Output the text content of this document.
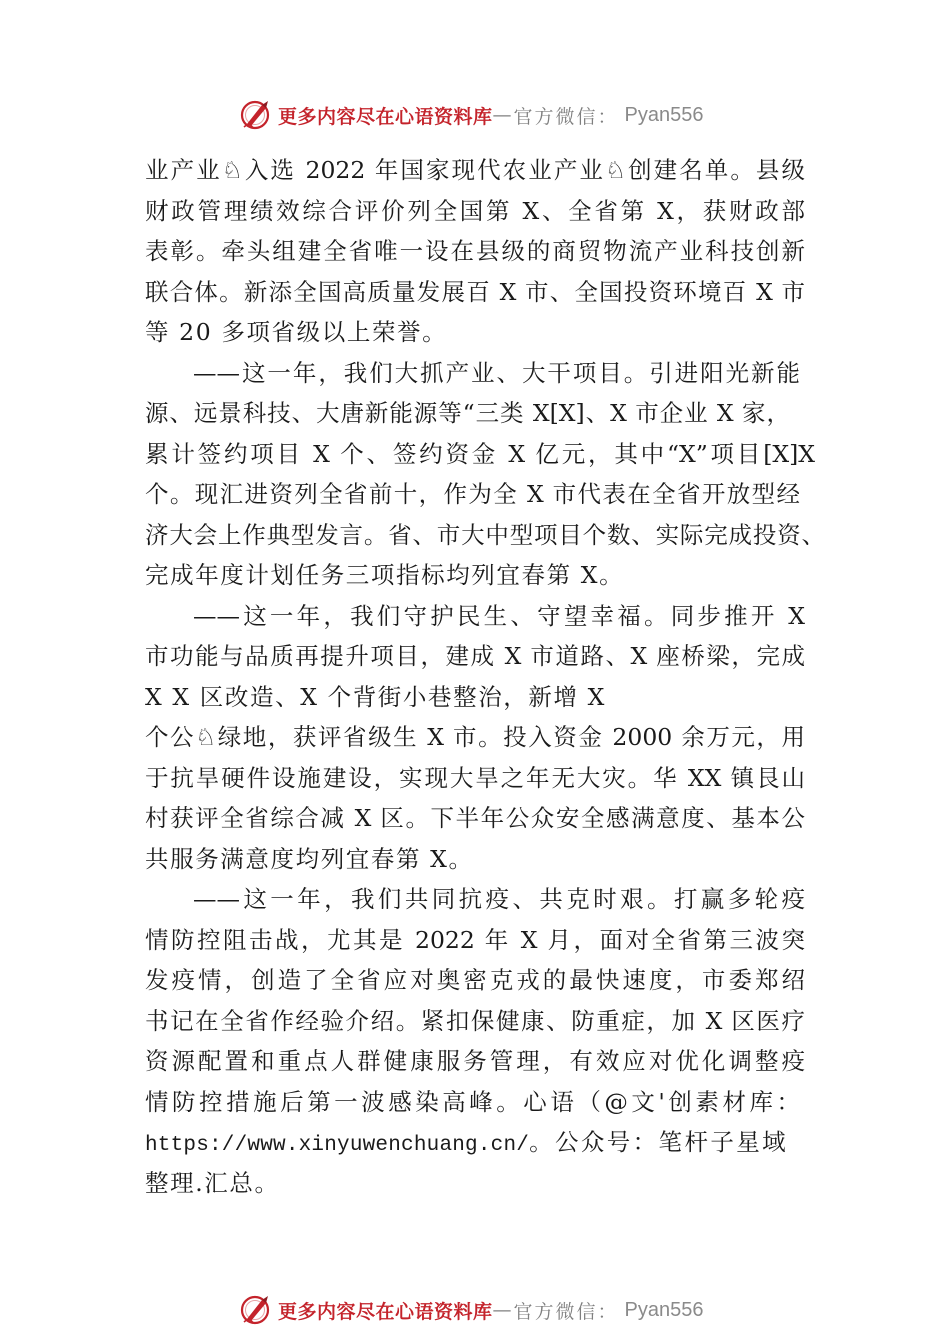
更多内容尽在心语资料库 — 官方微信： Pyan556
业产业♘入选 2022 年国家现代农业产业♘创建名单。县级
财政管理绩效综合评价列全国第 X、全省第 X，获财政部
表彰。牵头组建全省唯一设在县级的商贸物流产业科技创新
联合体。新添全国高质量发展百 X 市、全国投资环境百 X 市
等 20 多项省级以上荣誉。
——这一年，我们大抓产业、大干项目。引进阳光新能
源、远景科技、大唐新能源等“三类 X[X]、X 市企业 X 家，
累计签约项目 X 个、签约资金 X 亿元，其中“X”项目[X]X
个。现汇进资列全省前十，作为全 X 市代表在全省开放型经
济大会上作典型发言。省、市大中型项目个数、实际完成投资、
完成年度计划任务三项指标均列宜春第 X。
——这一年，我们守护民生、守望幸福。同步推开 X
市功能与品质再提升项目，建成 X 市道路、X 座桥梁，完成
X X 区改造、X 个背街小巷整治，新增 X
个公♘绿地，获评省级生 X 市。投入资金 2000 余万元，用
于抗旱硬件设施建设，实现大旱之年无大灾。华 XX 镇艮山
村获评全省综合减 X 区。下半年公众安全感满意度、基本公
共服务满意度均列宜春第 X。
——这一年，我们共同抗疫、共克时艰。打赢多轮疫
情防控阻击战，尤其是 2022 年 X 月，面对全省第三波突
发疫情，创造了全省应对奥密克戎的最快速度，市委郑绍
书记在全省作经验介绍。紧扣保健康、防重症，加 X 区医疗
资源配置和重点人群健康服务管理，有效应对优化调整疫
情防控措施后第一波感染高峰。心语（@文'创素材库：
https://www.xinyuwenchuang.cn/。公众号：笔杆子星域
整理.汇总。
更多内容尽在心语资料库 — 官方微信： Pyan556
